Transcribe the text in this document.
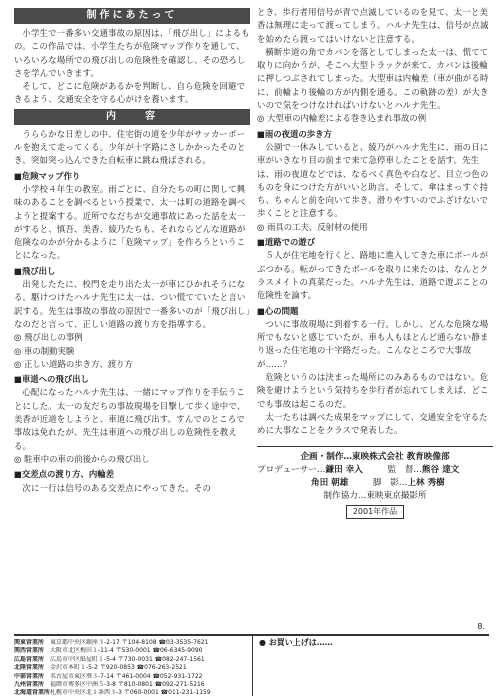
制作にあたって

小学生で一番多い交通事故の原因は、「飛び出し」によるもの。この作品では、小学生たちが危険マップ作りを通して、いろいろな場所での飛び出しの危険性を確認し、その恐ろしさを学んでいきます。

そして、どこに危険があるかを判断し、自ら危険を回避できるよう、交通安全を守る心がけを養います。

内　　容

うららかな日差しの中、住宅街の道を少年がサッカーボールを抱えて走ってくる。少年が十字路にさしかかったそのとき、突如突っ込んできた自転車に跳ね飛ばされる。

■危険マップ作り

小学校４年生の教室。雨ごとに、自分たちの町に関して興味のあることを調べるという授業で、太一は町の道路を調べようと提案する。近所でなだちが交通事故にあった話を太一がすると、慎吾、美香、綾乃たちも、それならどんな道路が危険なのかが分かるように「危険マップ」を作ろうということになった。

■飛び出し

出発したたに、校門を走り出た太一が車にひかれそうになる。駆けつけたハルナ先生に太一は、つい慌てていたと言い訳する。先生は事故の事故の原因で一番多いのが「飛び出し」なのだと言って、正しい道路の渡り方を指導する。

◎ 飛び出しの事例

◎ 車の制動実験

◎ 正しい道路の歩き方、渡り方

■車道への飛び出し

心配になったハルナ先生は、一緒にマップ作りを手伝うことにした。太一の友だちの事故現場を目撃して歩く途中で、美香が近道をしようと、車道に飛び出す。すんでのところで事故は免れたが、先生は車道への飛び出しの危険性を教える。

◎ 駐車中の車の前後からの飛び出し

■交差点の渡り方、内輪差

次に一行は信号のある交差点にやってきた。その

とき、歩行者用信号が青で点滅しているのを見て、太一と美香は無理に走って渡ってしまう。ハルナ先生は、信号が点滅を始めたら渡ってはいけないと注意する。

横断歩道の角でカバンを落としてしまった太一は、慌てて取りに向かうが、そこへ大型トラックが来て、カバンは後輪に押しつぶされてしまった。大型車は内輪差（車が曲がる時に、前輪より後輪の方が内側を通る。この軌跡の差）が大きいので気をつけなければいけないとハルナ先生。

◎ 大型車の内輪差による巻き込まれ事故の例

■雨の夜道の歩き方

公園で一休みしていると、綾乃がハルナ先生に、雨の日に車がいきなり目の前まで来て急停車したことを話す。先生は、雨の夜道などでは、なるべく真色や白など、目立つ色のものを身につけた方がいいと助言。そして、傘はまっすぐ持ち、ちゃんと前を向いて歩き、滑りやすいのでふざけないで歩くことと注意する。

◎ 雨具の工夫、反射材の使用

■道路での遊び

５人が住宅地を行くと、路地に進入してきた車にボールがぶつかる。転がってきたボールを取りに来たのは、なんとクラスメイトの真菜だった。ハルナ先生は、道路で遊ぶことの危険性を論す。

■心の問題

ついに事故現場に到着する一行。しかし、どんな危険な場所でもないと感じていたが、車も人もほとんど通らない静まり返った住宅地の十字路だった。こんなところで大事故が……？

危険というのは決まった場所にのみあるものではない。危険を避けようという気持ちを歩行者が忘れてしまえば、どこでも事故は起こるのだ。

太一たちは調べた成果をマップにして、交通安全を守るために大事なことをクラスで発表した。

企画・制作…東映株式会社 教育映像部
プロデューサー… 鎌田 幸入	監　督… 熊谷 達文
角田 朝雄	脚　影… 上林 秀樹
制作協力…東映東京撮影所
2001年作品
8.
関東営業所 東京都中央区銀座３-2-17 〒104-8108 ☎03-3535-7621
関西営業所 大阪市北区梅田１-11-4 〒530-0001 ☎06-6345-9090
広島営業所 広島市中区紙屋町１-5-4 〒730-0031 ☎082-247-1561
北陸営業所 金沢市本町１-5-2 〒920-0853 ☎076-263-2521
中部営業所 名古屋市東区葵３-7-14 〒461-0004 ☎052-931-1722
九州営業所 福岡市博多区中洲５-3-8 〒810-0801 ☎092-271-5216
北海道営業所札幌市中央区北１条西３-3 〒060-0001 ☎011-231-1159
● お買い上げは……
